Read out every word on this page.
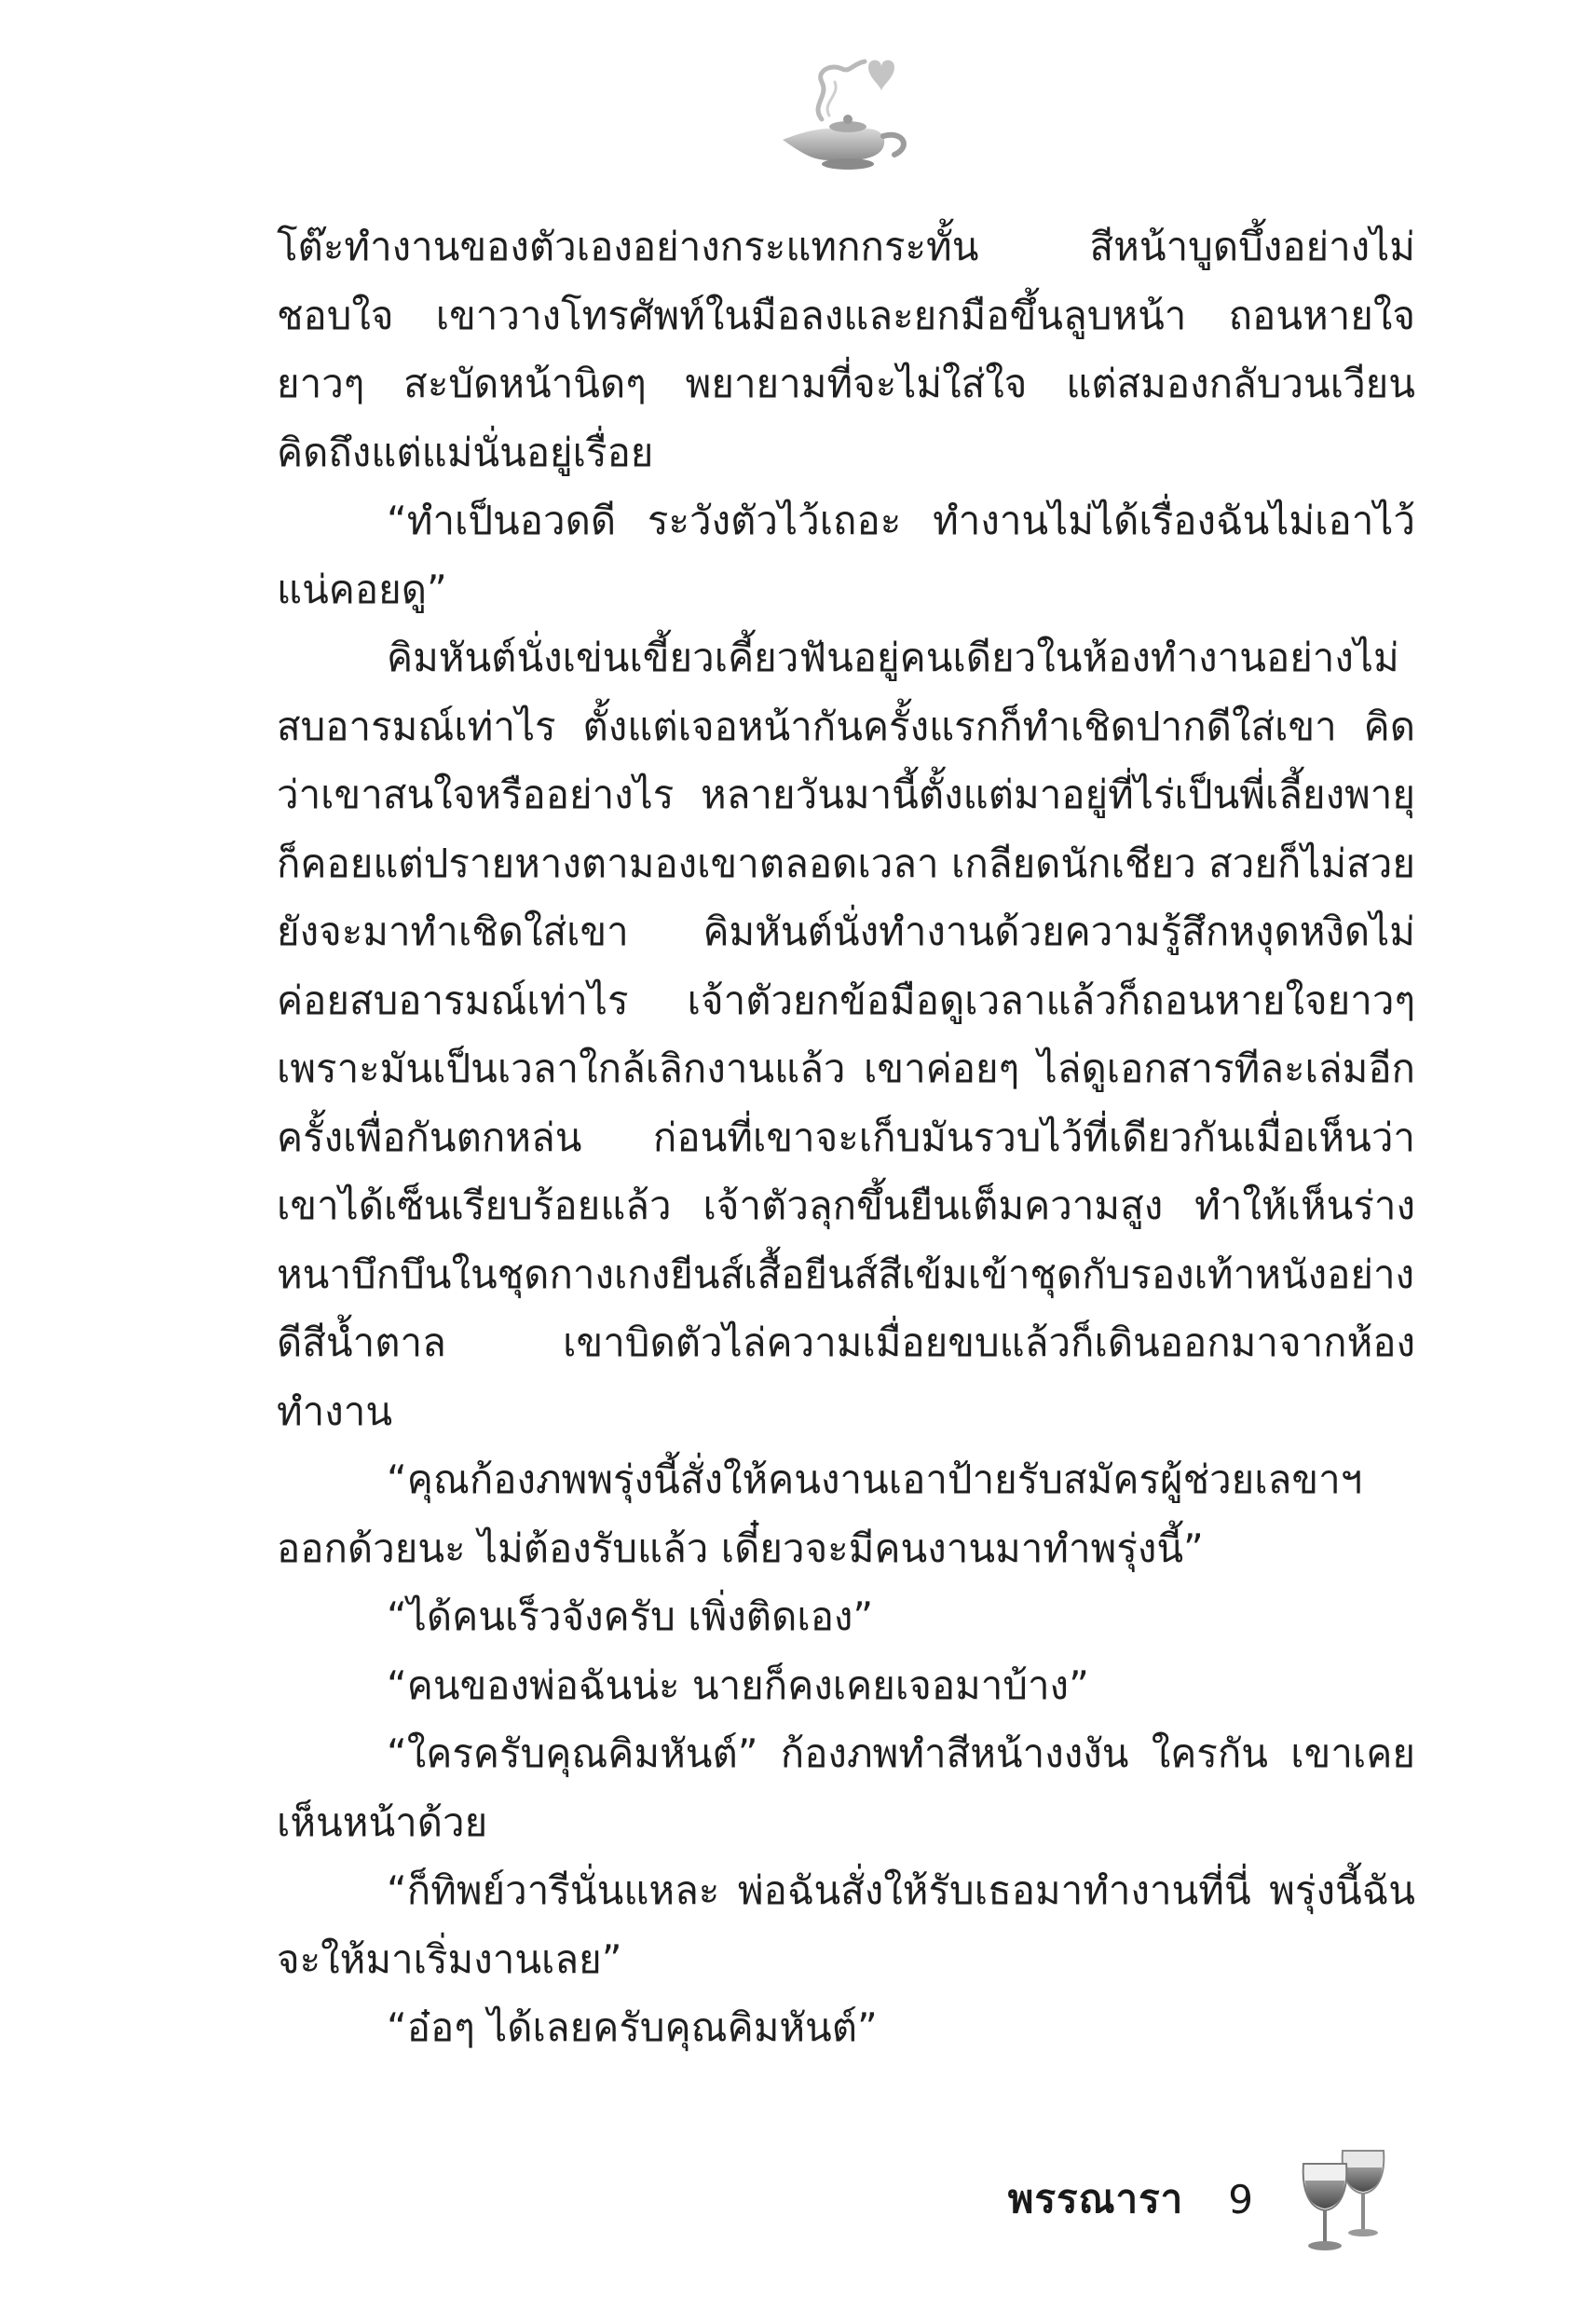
โต๊ะทำงานของตัวเองอย่างกระแทกกระทั้น สีหน้าบูดบึ้งอย่างไม่ชอบใจ เขาวางโทรศัพท์ในมือลงและยกมือขึ้นลูบหน้า ถอนหายใจยาวๆ สะบัดหน้านิดๆ พยายามที่จะไม่ใส่ใจ แต่สมองกลับวนเวียนคิดถึงแต่แม่นั่นอยู่เรื่อย

“ทำเป็นอวดดี ระวังตัวไว้เถอะ ทำงานไม่ได้เรื่องฉันไม่เอาไว้แน่คอยดู”

คิมหันต์นั่งเข่นเขี้ยวเคี้ยวฟันอยู่คนเดียวในห้องทำงานอย่างไม่สบอารมณ์เท่าไร ตั้งแต่เจอหน้ากันครั้งแรกก็ทำเชิดปากดีใส่เขา คิดว่าเขาสนใจหรืออย่างไร หลายวันมานี้ตั้งแต่มาอยู่ที่ไร่เป็นพี่เลี้ยงพายุก็คอยแต่ปรายหางตามองเขาตลอดเวลา เกลียดนักเชียว สวยก็ไม่สวย ยังจะมาทำเชิดใส่เขา คิมหันต์นั่งทำงานด้วยความรู้สึกหงุดหงิดไม่ค่อยสบอารมณ์เท่าไร เจ้าตัวยกข้อมือดูเวลาแล้วก็ถอนหายใจยาวๆ เพราะมันเป็นเวลาใกล้เลิกงานแล้ว เขาค่อยๆ ไล่ดูเอกสารทีละเล่มอีกครั้งเพื่อกันตกหล่น ก่อนที่เขาจะเก็บมันรวบไว้ที่เดียวกันเมื่อเห็นว่าเขาได้เซ็นเรียบร้อยแล้ว เจ้าตัวลุกขึ้นยืนเต็มความสูง ทำให้เห็นร่างหนาบึกบึนในชุดกางเกงยีนส์เสื้อยีนส์สีเข้มเข้าชุดกับรองเท้าหนังอย่างดีสีน้ำตาล เขาบิดตัวไล่ความเมื่อยขบแล้วก็เดินออกมาจากห้องทำงาน

“คุณก้องภพพรุ่งนี้สั่งให้คนงานเอาป้ายรับสมัครผู้ช่วยเลขาฯ ออกด้วยนะ ไม่ต้องรับแล้ว เดี๋ยวจะมีคนงานมาทำพรุ่งนี้”

“ได้คนเร็วจังครับ เพิ่งติดเอง”

“คนของพ่อฉันน่ะ นายก็คงเคยเจอมาบ้าง”

“ใครครับคุณคิมหันต์” ก้องภพทำสีหน้างงงัน ใครกัน เขาเคยเห็นหน้าด้วย

“ก็ทิพย์วารีนั่นแหละ พ่อฉันสั่งให้รับเธอมาทำงานที่นี่ พรุ่งนี้ฉันจะให้มาเริ่มงานเลย”

“อ๋อๆ ได้เลยครับคุณคิมหันต์”

พรรณารา 9
